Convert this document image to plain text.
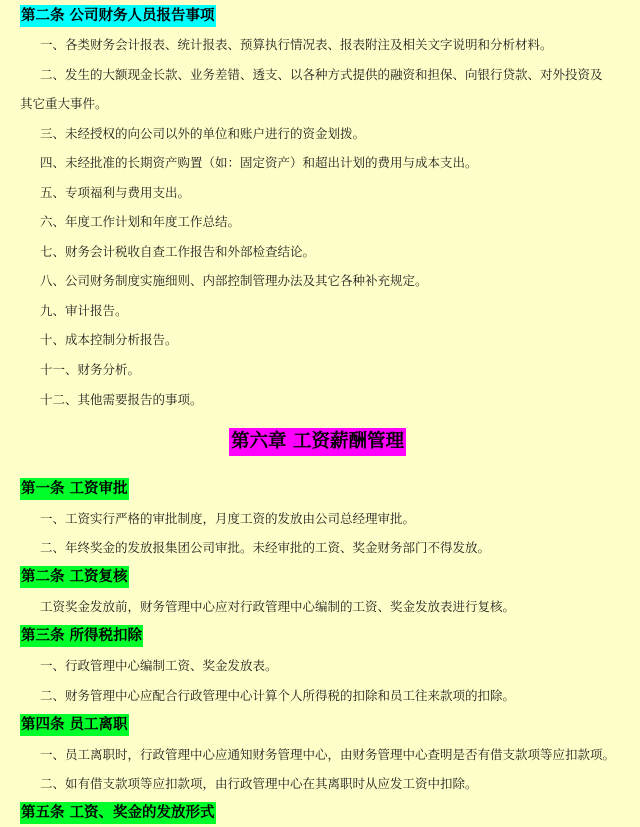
第二条 公司财务人员报告事项
一、各类财务会计报表、统计报表、预算执行情况表、报表附注及相关文字说明和分析材料。
二、发生的大额现金长款、业务差错、透支、以各种方式提供的融资和担保、向银行贷款、对外投资及
其它重大事件。
三、未经授权的向公司以外的单位和账户进行的资金划拨。
四、未经批准的长期资产购置（如：固定资产）和超出计划的费用与成本支出。
五、专项福利与费用支出。
六、年度工作计划和年度工作总结。
七、财务会计税收自查工作报告和外部检查结论。
八、公司财务制度实施细则、内部控制管理办法及其它各种补充规定。
九、审计报告。
十、成本控制分析报告。
十一、财务分析。
十二、其他需要报告的事项。
第六章 工资薪酬管理
第一条 工资审批
一、工资实行严格的审批制度，月度工资的发放由公司总经理审批。
二、年终奖金的发放报集团公司审批。未经审批的工资、奖金财务部门不得发放。
第二条 工资复核
工资奖金发放前，财务管理中心应对行政管理中心编制的工资、奖金发放表进行复核。
第三条 所得税扣除
一、行政管理中心编制工资、奖金发放表。
二、财务管理中心应配合行政管理中心计算个人所得税的扣除和员工往来款项的扣除。
第四条 员工离职
一、员工离职时，行政管理中心应通知财务管理中心，由财务管理中心查明是否有借支款项等应扣款项。
二、如有借支款项等应扣款项，由行政管理中心在其离职时从应发工资中扣除。
第五条 工资、奖金的发放形式
